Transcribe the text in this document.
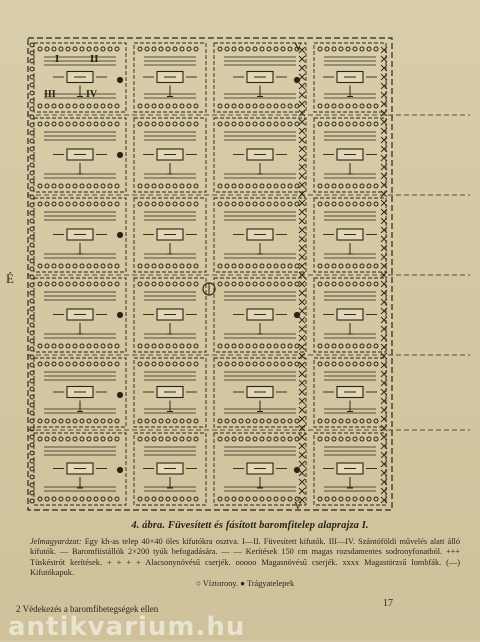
É
I	II
III	IV
V
V
4. ábra. Füvesített és fásított baromfitelep alaprajza I.
Jelmagyarázat: Egy kh-as telep 40×40 öles kifutókra osztva. I—II. Füvesített kifutók. III—IV. Szántóföldi művelés alatt álló kifutók. — Baromfiistállók 2×200 tyúk befogadására. — — Kerítések 150 cm magas rozsdamentes sodronyfonatból. +++ Tüskéstrót kerítések. + + + + Alacsonynövésű cserjék. ooooo Magasnövésű cserjék. xxxx Magastörzsű lombfák. (—) Kifutókapuk.
○ Víztorony. ● Trágyatelepek
2 Védekezés a baromfibetegségek ellen	17
antikvarium.hu
